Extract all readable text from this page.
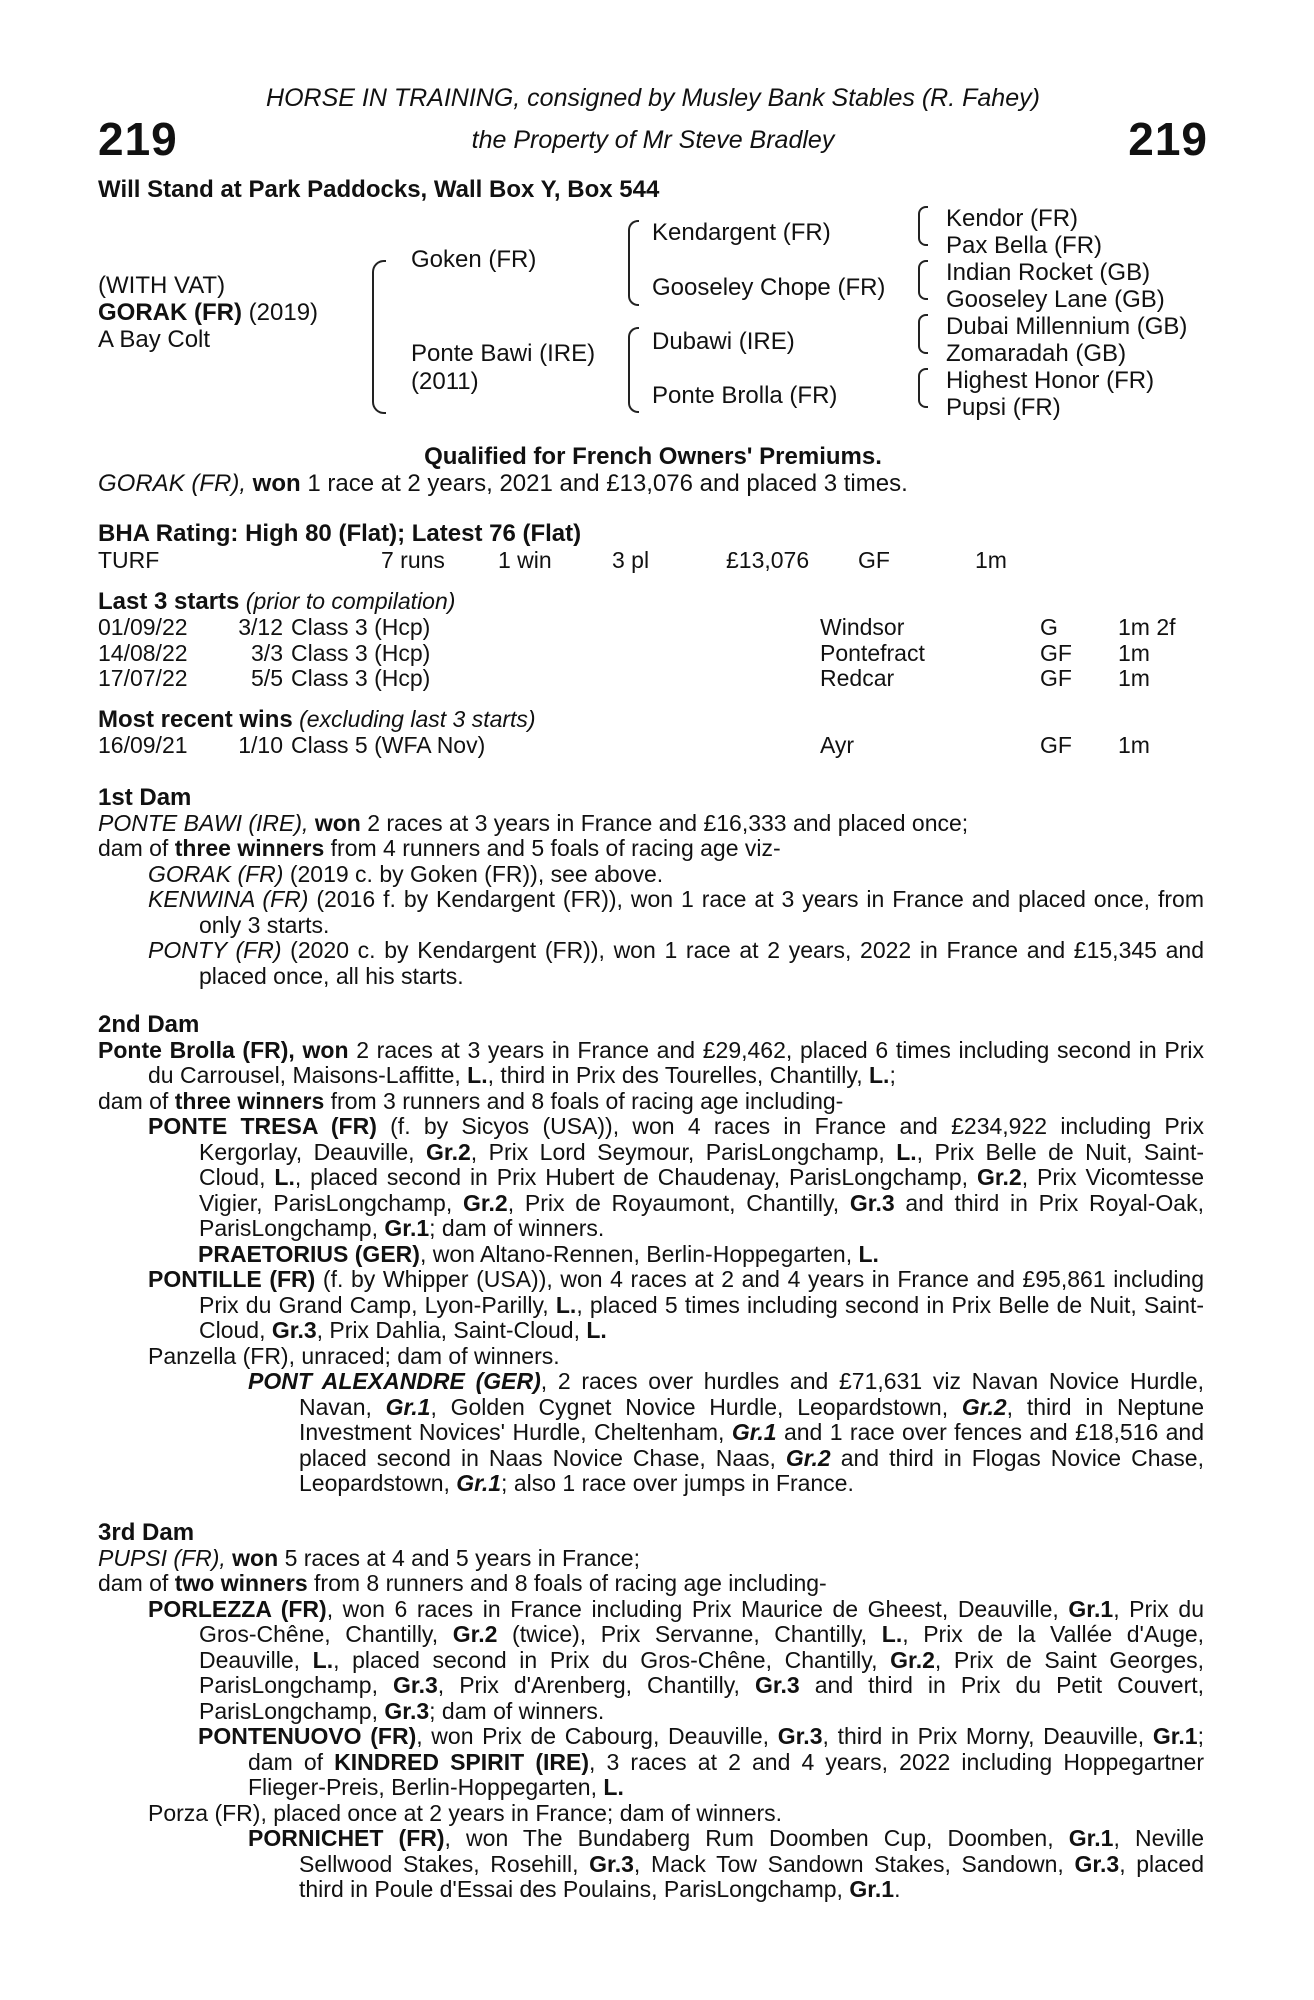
219	219
HORSE IN TRAINING, consigned by Musley Bank Stables (R. Fahey)
the Property of Mr Steve Bradley
Will Stand at Park Paddocks, Wall Box Y, Box 544
(WITH VAT)
GORAK (FR) (2019)
A Bay Colt
Goken (FR)
Ponte Bawi (IRE)
(2011)
Kendargent (FR)
Gooseley Chope (FR)
Dubawi (IRE)
Ponte Brolla (FR)
Kendor (FR)
Pax Bella (FR)
Indian Rocket (GB)
Gooseley Lane (GB)
Dubai Millennium (GB)
Zomaradah (GB)
Highest Honor (FR)
Pupsi (FR)
Qualified for French Owners' Premiums.
GORAK (FR), won 1 race at 2 years, 2021 and £13,076 and placed 3 times.
BHA Rating: High 80 (Flat); Latest 76 (Flat)
TURF	7 runs 1 win	3 pl	£13,076 GF	1m
Last 3 starts (prior to compilation)
01/09/22	3/12 Class 3 (Hcp)	Windsor	G	1m 2f
14/08/22	3/3 Class 3 (Hcp)	Pontefract	GF 1m
17/07/22	5/5 Class 3 (Hcp)	Redcar	GF 1m
Most recent wins (excluding last 3 starts)
16/09/21	1/10 Class 5 (WFA Nov)	Ayr	GF 1m

1st Dam

PONTE BAWI (IRE), won 2 races at 3 years in France and £16,333 and placed once;

dam of three winners from 4 runners and 5 foals of racing age viz-

GORAK (FR) (2019 c. by Goken (FR)), see above.

KENWINA (FR) (2016 f. by Kendargent (FR)), won 1 race at 3 years in France and placed once, from only 3 starts.

PONTY (FR) (2020 c. by Kendargent (FR)), won 1 race at 2 years, 2022 in France and £15,345 and placed once, all his starts.

2nd Dam

Ponte Brolla (FR), won 2 races at 3 years in France and £29,462, placed 6 times including second in Prix du Carrousel, Maisons-Laffitte, L., third in Prix des Tourelles, Chantilly, L.;

dam of three winners from 3 runners and 8 foals of racing age including-

PONTE TRESA (FR) (f. by Sicyos (USA)), won 4 races in France and £234,922 including Prix Kergorlay, Deauville, Gr.2, Prix Lord Seymour, ParisLongchamp, L., Prix Belle de Nuit, Saint-Cloud, L., placed second in Prix Hubert de Chaudenay, ParisLongchamp, Gr.2, Prix Vicomtesse Vigier, ParisLongchamp, Gr.2, Prix de Royaumont, Chantilly, Gr.3 and third in Prix Royal-Oak, ParisLongchamp, Gr.1; dam of winners.

PRAETORIUS (GER), won Altano-Rennen, Berlin-Hoppegarten, L.

PONTILLE (FR) (f. by Whipper (USA)), won 4 races at 2 and 4 years in France and £95,861 including Prix du Grand Camp, Lyon-Parilly, L., placed 5 times including second in Prix Belle de Nuit, Saint-Cloud, Gr.3, Prix Dahlia, Saint-Cloud, L.

Panzella (FR), unraced; dam of winners.

PONT ALEXANDRE (GER), 2 races over hurdles and £71,631 viz Navan Novice Hurdle, Navan, Gr.1, Golden Cygnet Novice Hurdle, Leopardstown, Gr.2, third in Neptune Investment Novices' Hurdle, Cheltenham, Gr.1 and 1 race over fences and £18,516 and placed second in Naas Novice Chase, Naas, Gr.2 and third in Flogas Novice Chase, Leopardstown, Gr.1; also 1 race over jumps in France.

3rd Dam

PUPSI (FR), won 5 races at 4 and 5 years in France;

dam of two winners from 8 runners and 8 foals of racing age including-

PORLEZZA (FR), won 6 races in France including Prix Maurice de Gheest, Deauville, Gr.1, Prix du Gros-Chêne, Chantilly, Gr.2 (twice), Prix Servanne, Chantilly, L., Prix de la Vallée d'Auge, Deauville, L., placed second in Prix du Gros-Chêne, Chantilly, Gr.2, Prix de Saint Georges, ParisLongchamp, Gr.3, Prix d'Arenberg, Chantilly, Gr.3 and third in Prix du Petit Couvert, ParisLongchamp, Gr.3; dam of winners.

PONTENUOVO (FR), won Prix de Cabourg, Deauville, Gr.3, third in Prix Morny, Deauville, Gr.1; dam of KINDRED SPIRIT (IRE), 3 races at 2 and 4 years, 2022 including Hoppegartner Flieger-Preis, Berlin-Hoppegarten, L.

Porza (FR), placed once at 2 years in France; dam of winners.

PORNICHET (FR), won The Bundaberg Rum Doomben Cup, Doomben, Gr.1, Neville Sellwood Stakes, Rosehill, Gr.3, Mack Tow Sandown Stakes, Sandown, Gr.3, placed third in Poule d'Essai des Poulains, ParisLongchamp, Gr.1.
